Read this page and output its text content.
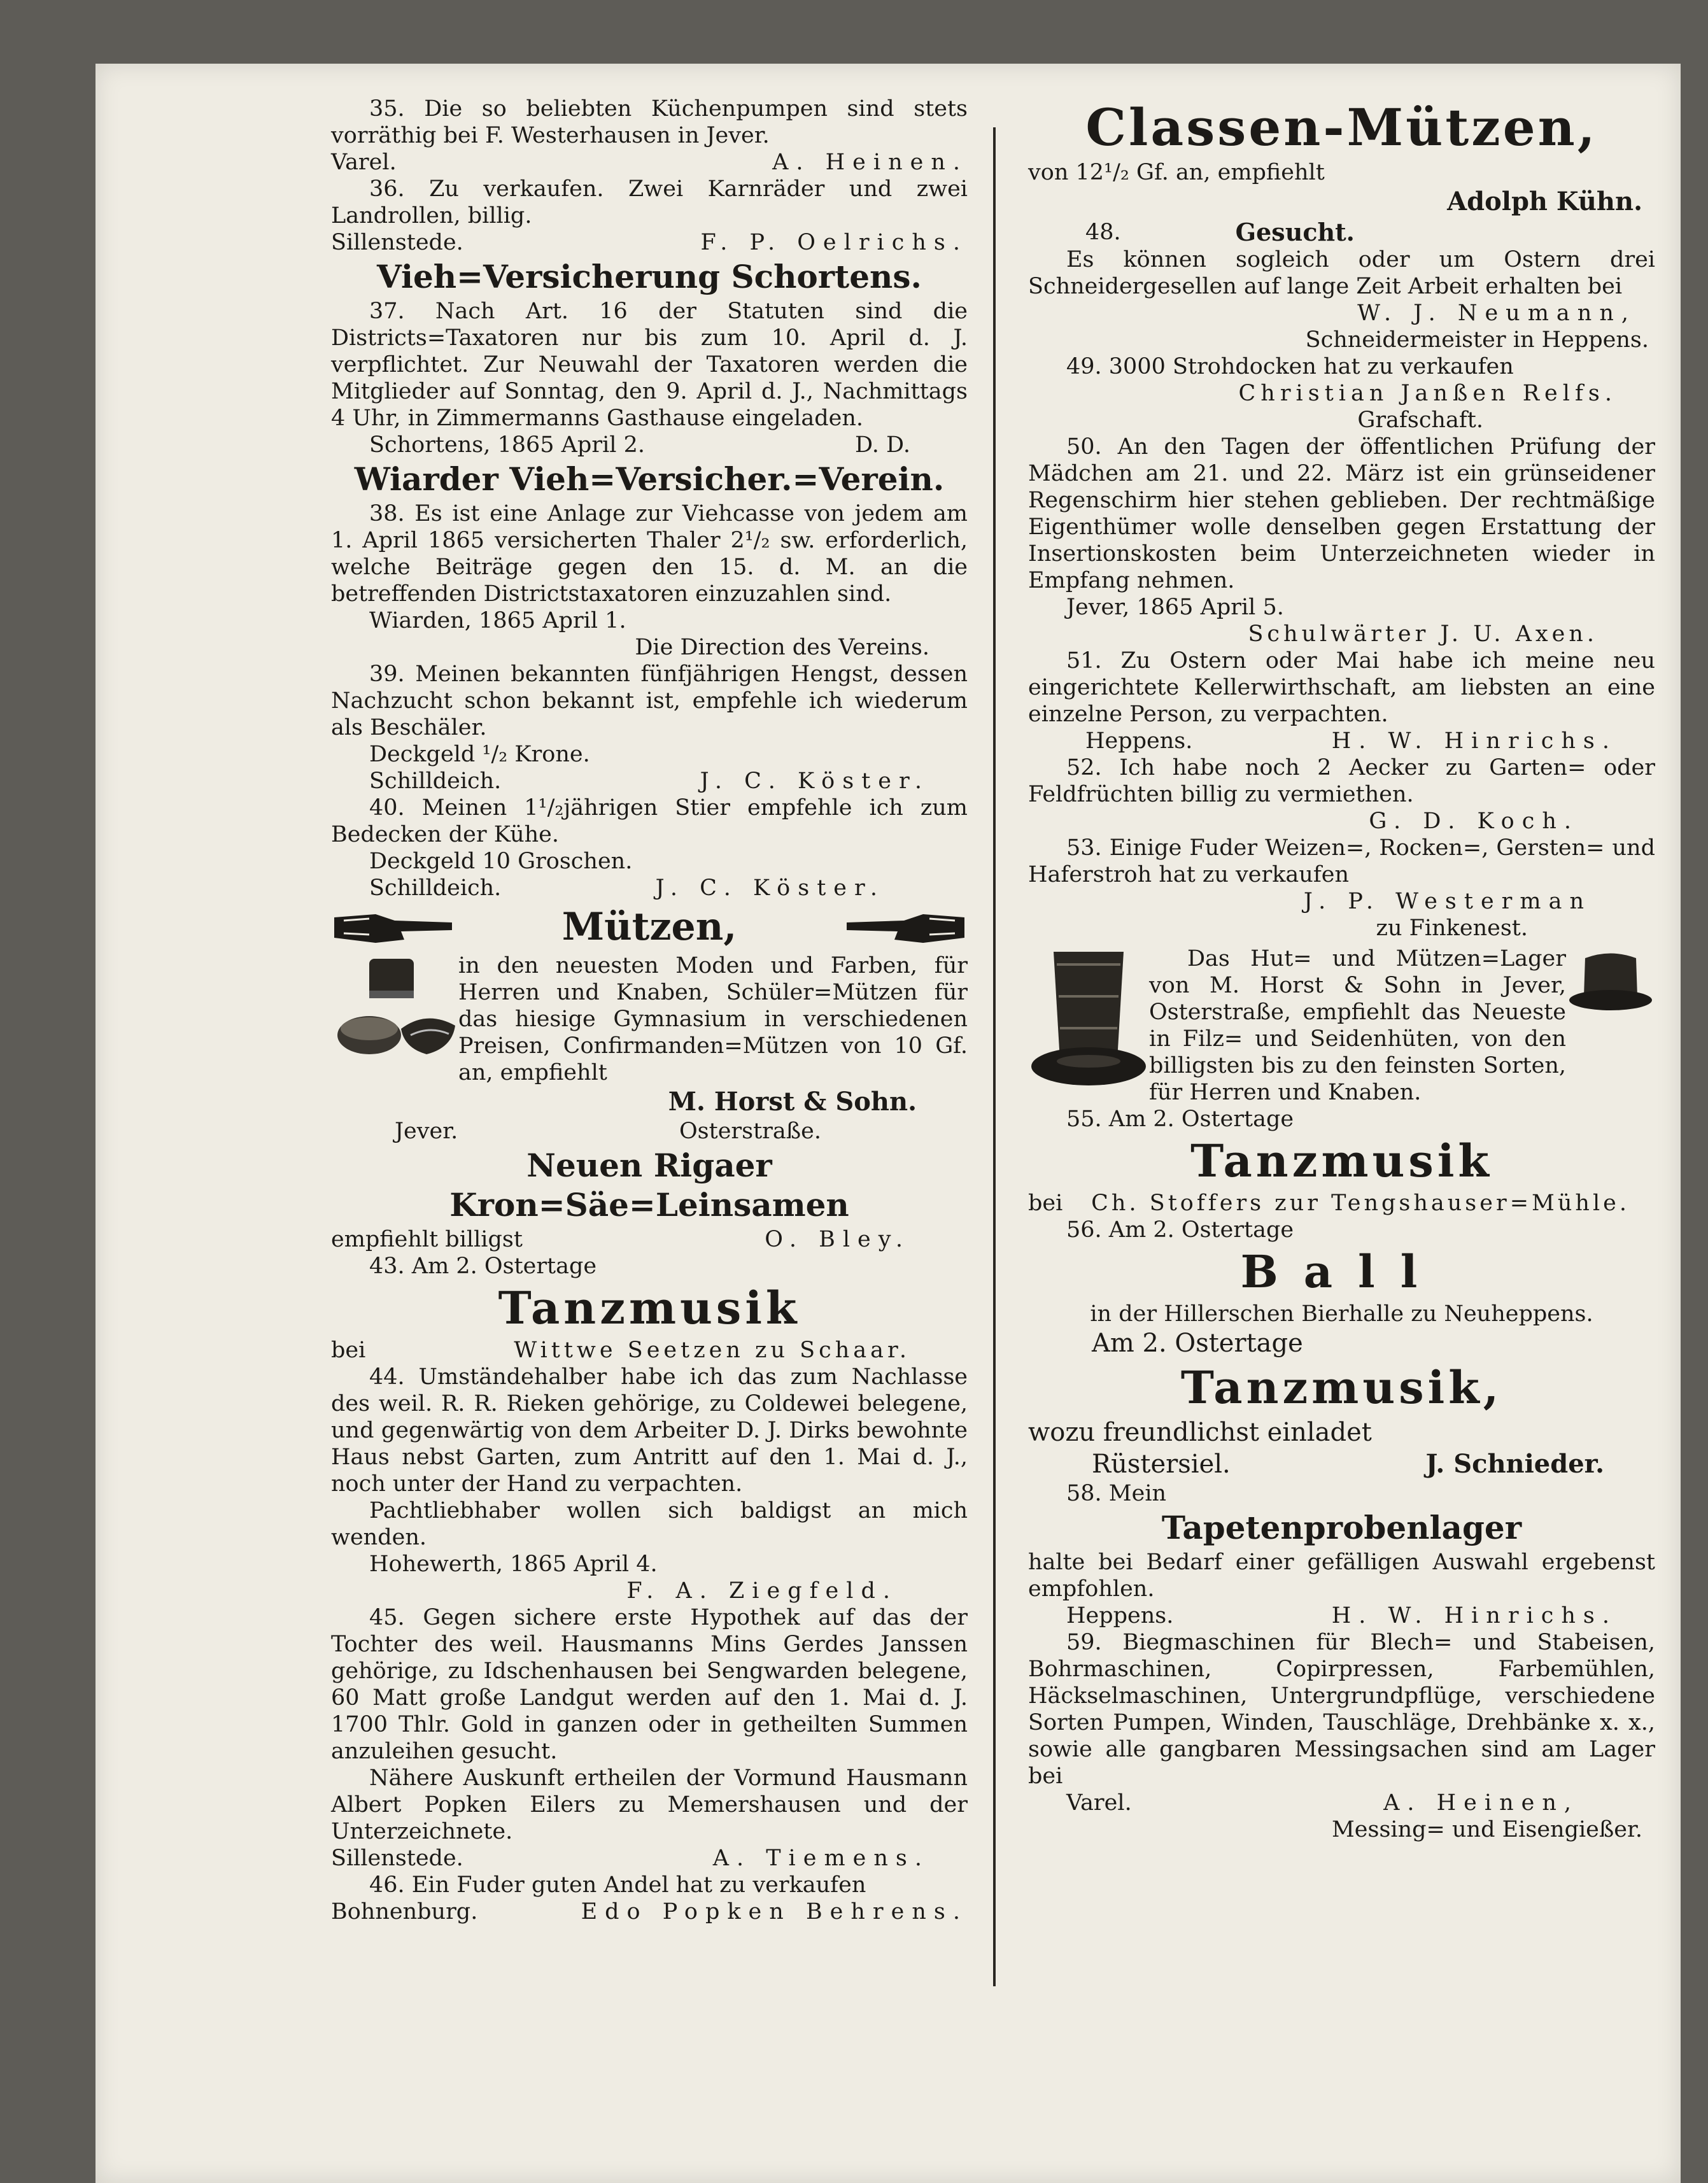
35. Die so beliebten Küchenpumpen sind stets vorräthig bei F. Westerhausen in Jever.

Varel.	A. Heinen.

36. Zu verkaufen. Zwei Karnräder und zwei Landrollen, billig.

Sillenstede.	F. P. Oelrichs.
Vieh=Versicherung Schortens.

37. Nach Art. 16 der Statuten sind die Districts=Taxatoren nur bis zum 10. April d. J. verpflichtet. Zur Neuwahl der Taxatoren werden die Mitglieder auf Sonntag, den 9. April d. J., Nachmittags 4 Uhr, in Zimmermanns Gasthause eingeladen.

Schortens, 1865 April 2.	D. D.
Wiarder Vieh=Versicher.=Verein.

38. Es ist eine Anlage zur Viehcasse von jedem am 1. April 1865 versicherten Thaler 2¹/₂ sw. erforderlich, welche Beiträge gegen den 15. d. M. an die betreffenden Districtstaxatoren einzuzahlen sind.

Wiarden, 1865 April 1.

Die Direction des Vereins.

39. Meinen bekannten fünfjährigen Hengst, dessen Nachzucht schon bekannt ist, empfehle ich wiederum als Beschäler.

Deckgeld ¹/₂ Krone.

Schilldeich.	J. C. Köster.

40. Meinen 1¹/₂jährigen Stier empfehle ich zum Bedecken der Kühe.

Deckgeld 10 Groschen.

Schilldeich.	J. C. Köster.
Mützen,

in den neuesten Moden und Farben, für Herren und Knaben, Schüler=Mützen für das hiesige Gymnasium in verschiedenen Preisen, Confirmanden=Mützen von 10 Gf. an, empfiehlt

M. Horst & Sohn.
Jever.	Osterstraße.
Neuen Rigaer Kron=Säe=Leinsamen
empfiehlt billigst	O. Bley.

43. Am 2. Ostertage

Tanzmusik
bei	Wittwe Seetzen zu Schaar.

44. Umständehalber habe ich das zum Nachlasse des weil. R. R. Rieken gehörige, zu Coldewei belegene, und gegenwärtig von dem Arbeiter D. J. Dirks bewohnte Haus nebst Garten, zum Antritt auf den 1. Mai d. J., noch unter der Hand zu verpachten.

Pachtliebhaber wollen sich baldigst an mich wenden.

Hohewerth, 1865 April 4.

F. A. Ziegfeld.

45. Gegen sichere erste Hypothek auf das der Tochter des weil. Hausmanns Mins Gerdes Janssen gehörige, zu Idschenhausen bei Sengwarden belegene, 60 Matt große Landgut werden auf den 1. Mai d. J. 1700 Thlr. Gold in ganzen oder in getheilten Summen anzuleihen gesucht.

Nähere Auskunft ertheilen der Vormund Hausmann Albert Popken Eilers zu Memershausen und der Unterzeichnete.

Sillenstede.	A. Tiemens.

46. Ein Fuder guten Andel hat zu verkaufen

Bohnenburg.	Edo Popken Behrens.
Classen-Mützen,

von 12¹/₂ Gf. an, empfiehlt

Adolph Kühn.
48.	Gesucht.

Es können sogleich oder um Ostern drei Schneidergesellen auf lange Zeit Arbeit erhalten bei

W. J. Neumann,
Schneidermeister in Heppens.

49. 3000 Strohdocken hat zu verkaufen

Christian Janßen Relfs.
Grafschaft.

50. An den Tagen der öffentlichen Prüfung der Mädchen am 21. und 22. März ist ein grünseidener Regenschirm hier stehen geblieben. Der rechtmäßige Eigenthümer wolle denselben gegen Erstattung der Insertionskosten beim Unterzeichneten wieder in Empfang nehmen.

Jever, 1865 April 5.

Schulwärter J. U. Axen.

51. Zu Ostern oder Mai habe ich meine neu eingerichtete Kellerwirthschaft, am liebsten an eine einzelne Person, zu verpachten.

Heppens.	H. W. Hinrichs.

52. Ich habe noch 2 Aecker zu Garten= oder Feldfrüchten billig zu vermiethen.

G. D. Koch.

53. Einige Fuder Weizen=, Rocken=, Gersten= und Haferstroh hat zu verkaufen

J. P. Westerman
zu Finkenest.

Das Hut= und Mützen=Lager von M. Horst & Sohn in Jever, Osterstraße, empfiehlt das Neueste in Filz= und Seidenhüten, von den billigsten bis zu den feinsten Sorten, für Herren und Knaben.

55. Am 2. Ostertage

Tanzmusik
bei Ch. Stoffers zur Tengshauser=Mühle.

56. Am 2. Ostertage

Ball
in der Hillerschen Bierhalle zu Neuheppens.

Am 2. Ostertage

Tanzmusik,

wozu freundlichst einladet

Rüstersiel.	J. Schnieder.

58. Mein

Tapetenprobenlager

halte bei Bedarf einer gefälligen Auswahl ergebenst empfohlen.

Heppens.	H. W. Hinrichs.

59. Biegmaschinen für Blech= und Stabeisen, Bohrmaschinen, Copirpressen, Farbemühlen, Häckselmaschinen, Untergrundpflüge, verschiedene Sorten Pumpen, Winden, Tauschläge, Drehbänke x. x., sowie alle gangbaren Messingsachen sind am Lager bei

Varel.	A. Heinen,
Messing= und Eisengießer.
